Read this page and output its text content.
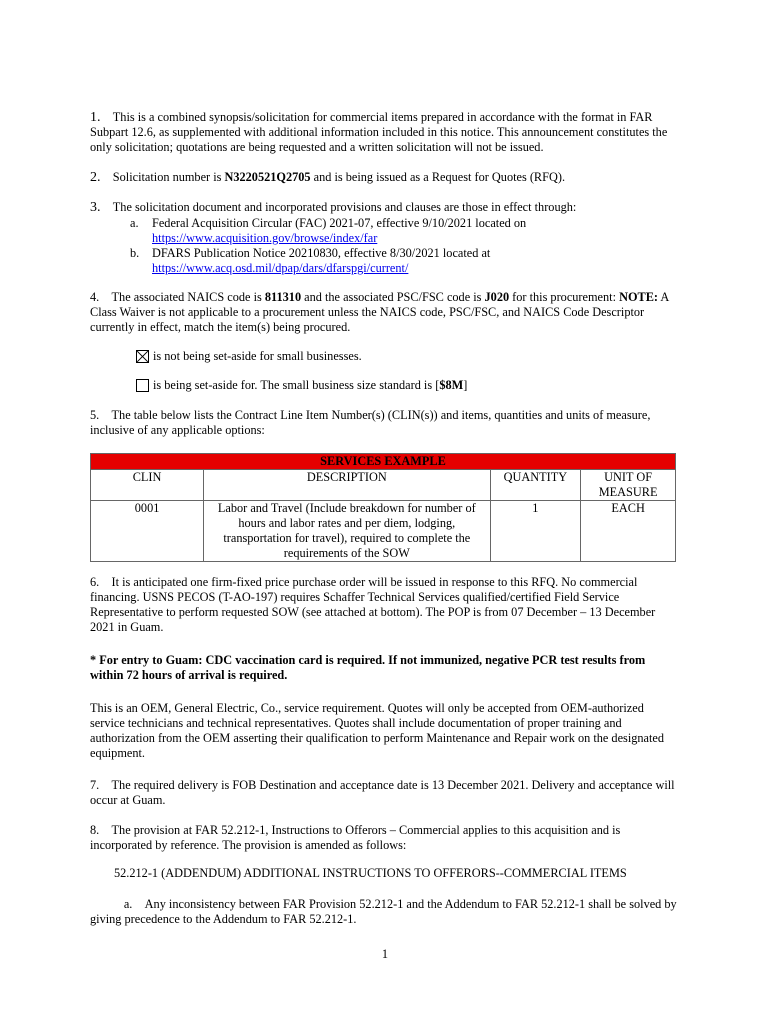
1. This is a combined synopsis/solicitation for commercial items prepared in accordance with the format in FAR Subpart 12.6, as supplemented with additional information included in this notice. This announcement constitutes the only solicitation; quotations are being requested and a written solicitation will not be issued.

2. Solicitation number is N3220521Q2705 and is being issued as a Request for Quotes (RFQ).

3. The solicitation document and incorporated provisions and clauses are those in effect through:

a. Federal Acquisition Circular (FAC) 2021-07, effective 9/10/2021 located on
https://www.acquisition.gov/browse/index/far
b. DFARS Publication Notice 20210830, effective 8/30/2021 located at
https://www.acq.osd.mil/dpap/dars/dfarspgi/current/

4. The associated NAICS code is 811310 and the associated PSC/FSC code is J020 for this procurement: NOTE: A Class Waiver is not applicable to a procurement unless the NAICS code, PSC/FSC, and NAICS Code Descriptor currently in effect, match the item(s) being procured.

is not being set-aside for small businesses.
is being set-aside for. The small business size standard is [$8M]

5. The table below lists the Contract Line Item Number(s) (CLIN(s)) and items, quantities and units of measure, inclusive of any applicable options:

SERVICES EXAMPLE			

CLIN	DESCRIPTION	QUANTITY	UNIT OF MEASURE
0001	Labor and Travel (Include breakdown for number of hours and labor rates and per diem, lodging, transportation for travel), required to complete the requirements of the SOW	1	EACH

6. It is anticipated one firm-fixed price purchase order will be issued in response to this RFQ. No commercial financing. USNS PECOS (T-AO-197) requires Schaffer Technical Services qualified/certified Field Service Representative to perform requested SOW (see attached at bottom). The POP is from 07 December – 13 December 2021 in Guam.

* For entry to Guam: CDC vaccination card is required. If not immunized, negative PCR test results from within 72 hours of arrival is required.

This is an OEM, General Electric, Co., service requirement. Quotes will only be accepted from OEM-authorized service technicians and technical representatives. Quotes shall include documentation of proper training and authorization from the OEM asserting their qualification to perform Maintenance and Repair work on the designated equipment.

7. The required delivery is FOB Destination and acceptance date is 13 December 2021. Delivery and acceptance will occur at Guam.

8. The provision at FAR 52.212-1, Instructions to Offerors – Commercial applies to this acquisition and is incorporated by reference. The provision is amended as follows:

52.212-1 (ADDENDUM) ADDITIONAL INSTRUCTIONS TO OFFERORS--COMMERCIAL ITEMS

a. Any inconsistency between FAR Provision 52.212-1 and the Addendum to FAR 52.212-1 shall be solved by giving precedence to the Addendum to FAR 52.212-1.

1
